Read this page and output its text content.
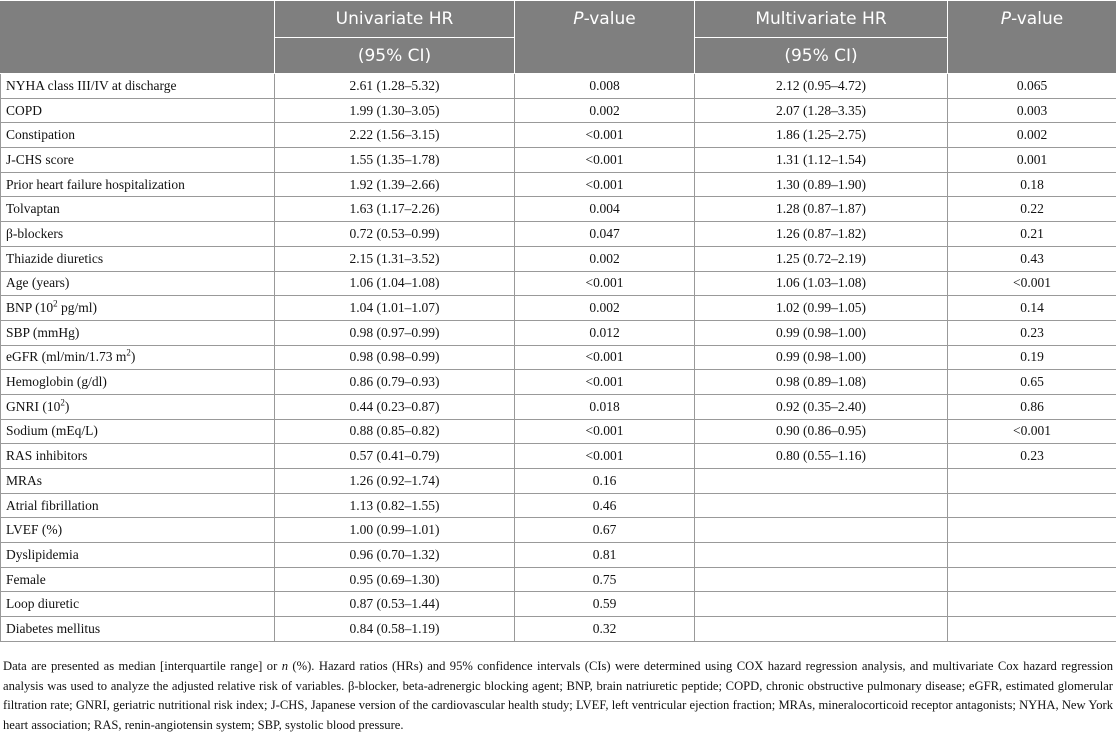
	Univariate HR	P-value	Multivariate HR	P-value
	(95% CI)		(95% CI)	
NYHA class III/IV at discharge	2.61 (1.28–5.32)	0.008	2.12 (0.95–4.72)	0.065
COPD	1.99 (1.30–3.05)	0.002	2.07 (1.28–3.35)	0.003
Constipation	2.22 (1.56–3.15)	<0.001	1.86 (1.25–2.75)	0.002
J-CHS score	1.55 (1.35–1.78)	<0.001	1.31 (1.12–1.54)	0.001
Prior heart failure hospitalization	1.92 (1.39–2.66)	<0.001	1.30 (0.89–1.90)	0.18
Tolvaptan	1.63 (1.17–2.26)	0.004	1.28 (0.87–1.87)	0.22
β-blockers	0.72 (0.53–0.99)	0.047	1.26 (0.87–1.82)	0.21
Thiazide diuretics	2.15 (1.31–3.52)	0.002	1.25 (0.72–2.19)	0.43
Age (years)	1.06 (1.04–1.08)	<0.001	1.06 (1.03–1.08)	<0.001
BNP ($10^2$ pg/ml)	1.04 (1.01–1.07)	0.002	1.02 (0.99–1.05)	0.14
SBP (mmHg)	0.98 (0.97–0.99)	0.012	0.99 (0.98–1.00)	0.23
eGFR (ml/min/1.73 $m^2$)	0.98 (0.98–0.99)	<0.001	0.99 (0.98–1.00)	0.19
Hemoglobin (g/dl)	0.86 (0.79–0.93)	<0.001	0.98 (0.89–1.08)	0.65
GNRI $(10^2)$	0.44 (0.23–0.87)	0.018	0.92 (0.35–2.40)	0.86
Sodium (mEq/L)	0.88 (0.85–0.82)	<0.001	0.90 (0.86–0.95)	<0.001
RAS inhibitors	0.57 (0.41–0.79)	<0.001	0.80 (0.55–1.16)	0.23
MRAs	1.26 (0.92–1.74)	0.16		
Atrial fibrillation	1.13 (0.82–1.55)	0.46		
LVEF (%)	1.00 (0.99–1.01)	0.67		
Dyslipidemia	0.96 (0.70–1.32)	0.81		
Female	0.95 (0.69–1.30)	0.75		
Loop diuretic	0.87 (0.53–1.44)	0.59		
Diabetes mellitus	0.84 (0.58–1.19)	0.32		

Data are presented as median [interquartile range] or n (%). Hazard ratios (HRs) and 95% confidence intervals (CIs) were determined using COX hazard regression analysis, and multivariate Cox hazard regression analysis was used to analyze the adjusted relative risk of variables. β-blocker, beta-adrenergic blocking agent; BNP, brain natriuretic peptide; COPD, chronic obstructive pulmonary disease; eGFR, estimated glomerular filtration rate; GNRI, geriatric nutritional risk index; J-CHS, Japanese version of the cardiovascular health study; LVEF, left ventricular ejection fraction; MRAs, mineralocorticoid receptor antagonists; NYHA, New York heart association; RAS, renin-angiotensin system; SBP, systolic blood pressure.
